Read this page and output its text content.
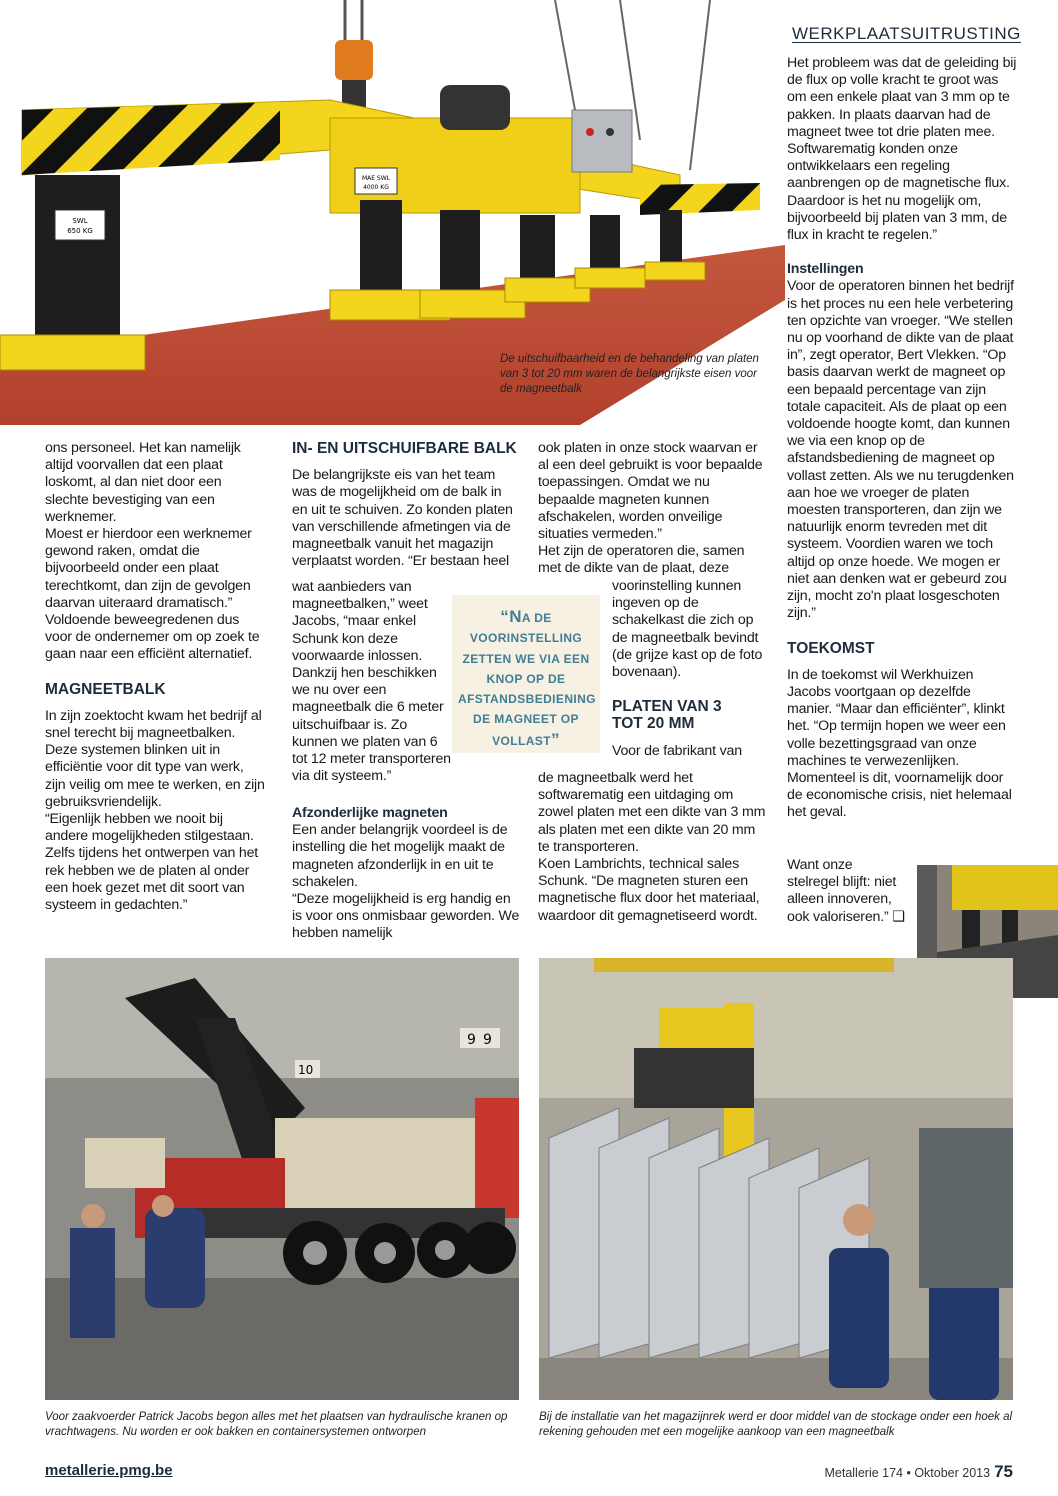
MAE SWL
4000 KG
SWL
650 KG
De uitschuifbaarheid en de behandeling van platen van 3 tot 20 mm waren de belangrijkste eisen voor de magneetbalk
WERKPLAATSUITRUSTING

Het probleem was dat de geleiding bij de flux op volle kracht te groot was om een enkele plaat van 3 mm op te pakken. In plaats daarvan had de magneet twee tot drie platen mee. Softwarematig konden onze ontwikkelaars een regeling aanbrengen op de magnetische flux. Daardoor is het nu mogelijk om, bijvoorbeeld bij platen van 3 mm, de flux in kracht te regelen.”

Instellingen

Voor de operatoren binnen het bedrijf is het proces nu een hele verbetering ten opzichte van vroeger. “We stellen nu op voorhand de dikte van de plaat in”, zegt operator, Bert Vlekken. “Op basis daarvan werkt de magneet op een bepaald percentage van zijn totale capaciteit. Als de plaat op een voldoende hoogte komt, dan kunnen we via een knop op de afstandsbediening de magneet op vollast zetten. Als we nu terugdenken aan hoe we vroeger de platen moesten transporteren, dan zijn we natuurlijk enorm tevreden met dit systeem. Voordien waren we toch altijd op onze hoede. We mogen er niet aan denken wat er gebeurd zou zijn, mocht zo'n plaat losgeschoten zijn.”

TOEKOMST

In de toekomst wil Werkhuizen Jacobs voortgaan op dezelfde manier. “Maar dan efficiënter”, klinkt het. “Op termijn hopen we weer een volle bezettingsgraad van onze machines te verwezenlijken. Momenteel is dit, voornamelijk door de economische crisis, niet helemaal het geval.

Want onze stelregel blijft: niet alleen innoveren, ook valoriseren.” ❑

ons personeel. Het kan namelijk altijd voorvallen dat een plaat loskomt, al dan niet door een slechte bevestiging van een werknemer.

Moest er hierdoor een werknemer gewond raken, omdat die bijvoorbeeld onder een plaat terechtkomt, dan zijn de gevolgen daarvan uiteraard dramatisch.”

Voldoende beweegredenen dus voor de ondernemer om op zoek te gaan naar een efficiënt alternatief.

MAGNEETBALK

In zijn zoektocht kwam het bedrijf al snel terecht bij magneetbalken. Deze systemen blinken uit in efficiëntie voor dit type van werk, zijn veilig om mee te werken, en zijn gebruiksvriendelijk.

“Eigenlijk hebben we nooit bij andere mogelijkheden stilgestaan. Zelfs tijdens het ontwerpen van het rek hebben we de platen al onder een hoek gezet met dit soort van systeem in gedachten.”

IN- EN UITSCHUIFBARE BALK

De belangrijkste eis van het team was de mogelijkheid om de balk in en uit te schuiven. Zo konden platen van verschillende afmetingen via de magneetbalk vanuit het magazijn verplaatst worden. “Er bestaan heel

wat aanbieders van magneetbalken,” weet Jacobs, “maar enkel Schunk kon deze voorwaarde inlossen. Dankzij hen beschikken we nu over een magneetbalk die 6 meter uitschuifbaar is. Zo kunnen we platen van 6 tot 12 meter transporteren via dit systeem.”

Afzonderlijke magneten

Een ander belangrijk voordeel is de instelling die het mogelijk maakt de magneten afzonderlijk in en uit te schakelen.

“Deze mogelijkheid is erg handig en is voor ons onmisbaar geworden. We hebben namelijk

“NA DE VOORINSTELLING ZETTEN WE VIA EEN KNOP OP DE AFSTANDSBEDIENING DE MAGNEET OP VOLLAST”

ook platen in onze stock waarvan er al een deel gebruikt is voor bepaalde toepassingen. Omdat we nu bepaalde magneten kunnen afschakelen, worden onveilige situaties vermeden.”

Het zijn de operatoren die, samen met de dikte van de plaat, deze

voorinstelling kunnen ingeven op de schakelkast die zich op de magneetbalk bevindt (de grijze kast op de foto bovenaan).

PLATEN VAN 3 TOT 20 MM

Voor de fabrikant van

de magneetbalk werd het softwarematig een uitdaging om zowel platen met een dikte van 3 mm als platen met een dikte van 20 mm te transporteren.

Koen Lambrichts, technical sales Schunk. “De magneten sturen een magnetische flux door het materiaal, waardoor dit gemagnetiseerd wordt.

9 9
10
Voor zaakvoerder Patrick Jacobs begon alles met het plaatsen van hydraulische kranen op vrachtwagens. Nu worden er ook bakken en containersystemen ontworpen
Bij de installatie van het magazijnrek werd er door middel van de stockage onder een hoek al rekening gehouden met een mogelijke aankoop van een magneetbalk
metallerie.pmg.be	Metallerie 174 • Oktober 2013 75
